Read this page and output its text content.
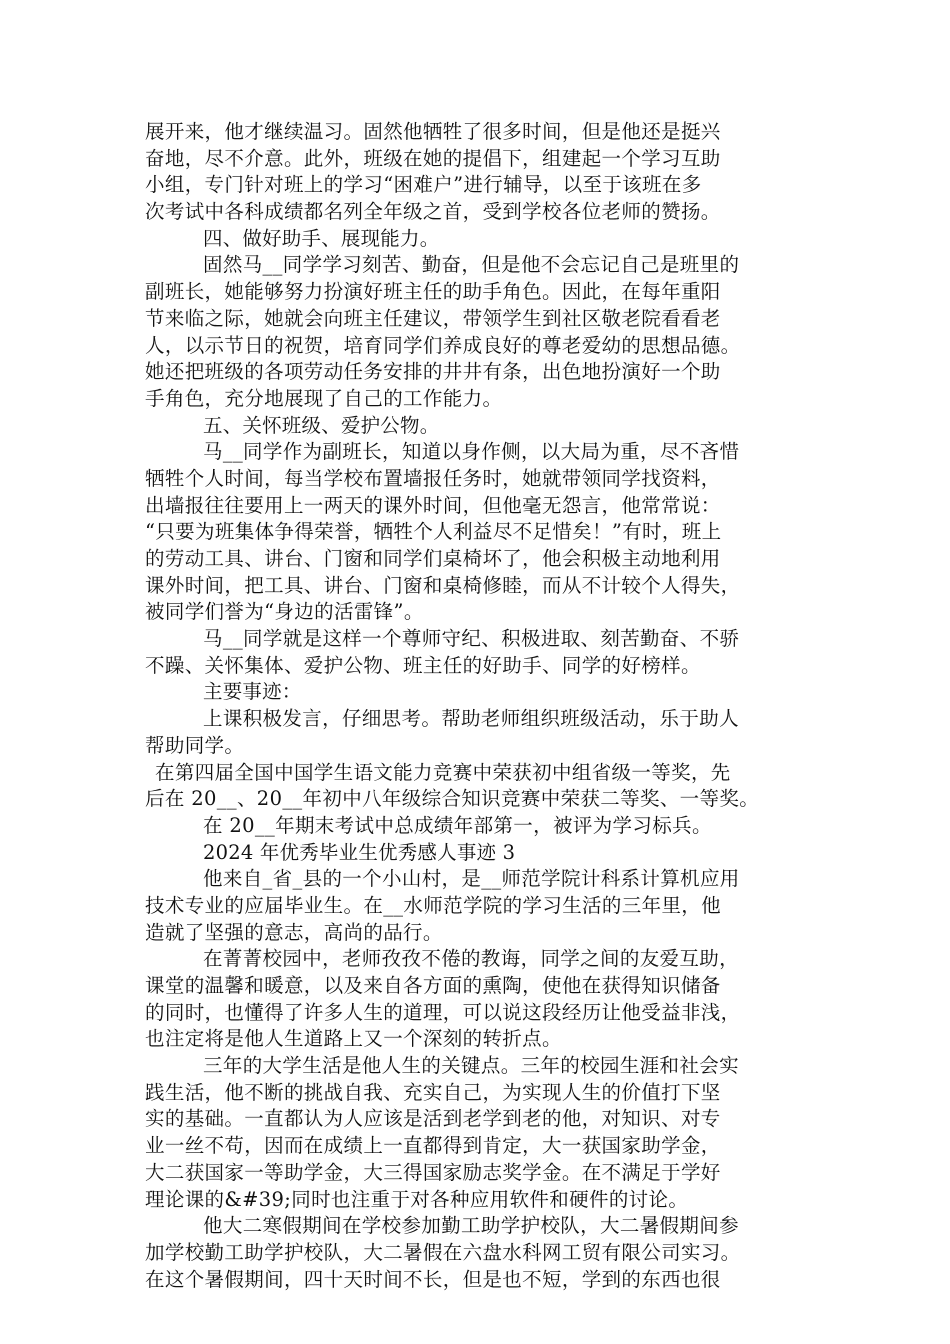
展开来，他才继续温习。固然他牺牲了很多时间，但是他还是挺兴
奋地，尽不介意。此外，班级在她的提倡下，组建起一个学习互助
小组，专门针对班上的学习“困难户”进行辅导，以至于该班在多
次考试中各科成绩都名列全年级之首，受到学校各位老师的赞扬。
四、做好助手、展现能力。
固然马__同学学习刻苦、勤奋，但是他不会忘记自己是班里的
副班长，她能够努力扮演好班主任的助手角色。因此，在每年重阳
节来临之际，她就会向班主任建议，带领学生到社区敬老院看看老
人，以示节日的祝贺，培育同学们养成良好的尊老爱幼的思想品德。
她还把班级的各项劳动任务安排的井井有条，出色地扮演好一个助
手角色，充分地展现了自己的工作能力。
五、关怀班级、爱护公物。
马__同学作为副班长，知道以身作侧，以大局为重，尽不吝惜
牺牲个人时间，每当学校布置墙报任务时，她就带领同学找资料，
出墙报往往要用上一两天的课外时间，但他毫无怨言，他常常说：
“只要为班集体争得荣誉，牺牲个人利益尽不足惜矣！”有时，班上
的劳动工具、讲台、门窗和同学们桌椅坏了，他会积极主动地利用
课外时间，把工具、讲台、门窗和桌椅修睦，而从不计较个人得失，
被同学们誉为“身边的活雷锋”。
马__同学就是这样一个尊师守纪、积极进取、刻苦勤奋、不骄
不躁、关怀集体、爱护公物、班主任的好助手、同学的好榜样。
主要事迹：
上课积极发言，仔细思考。帮助老师组织班级活动，乐于助人
帮助同学。
在第四届全国中国学生语文能力竞赛中荣获初中组省级一等奖，先
后在 20__、20__年初中八年级综合知识竞赛中荣获二等奖、一等奖。
在 20__年期末考试中总成绩年部第一，被评为学习标兵。
2024 年优秀毕业生优秀感人事迹 3
他来自_省_县的一个小山村，是__师范学院计科系计算机应用
技术专业的应届毕业生。在__水师范学院的学习生活的三年里，他
造就了坚强的意志，高尚的品行。
在菁菁校园中，老师孜孜不倦的教诲，同学之间的友爱互助，
课堂的温馨和暖意，以及来自各方面的熏陶，使他在获得知识储备
的同时，也懂得了许多人生的道理，可以说这段经历让他受益非浅，
也注定将是他人生道路上又一个深刻的转折点。
三年的大学生活是他人生的关键点。三年的校园生涯和社会实
践生活，他不断的挑战自我、充实自己，为实现人生的价值打下坚
实的基础。一直都认为人应该是活到老学到老的他，对知识、对专
业一丝不苟，因而在成绩上一直都得到肯定，大一获国家助学金，
大二获国家一等助学金，大三得国家励志奖学金。在不满足于学好
理论课的&#39;同时也注重于对各种应用软件和硬件的讨论。
他大二寒假期间在学校参加勤工助学护校队，大二暑假期间参
加学校勤工助学护校队，大二暑假在六盘水科网工贸有限公司实习。
在这个暑假期间，四十天时间不长，但是也不短，学到的东西也很
